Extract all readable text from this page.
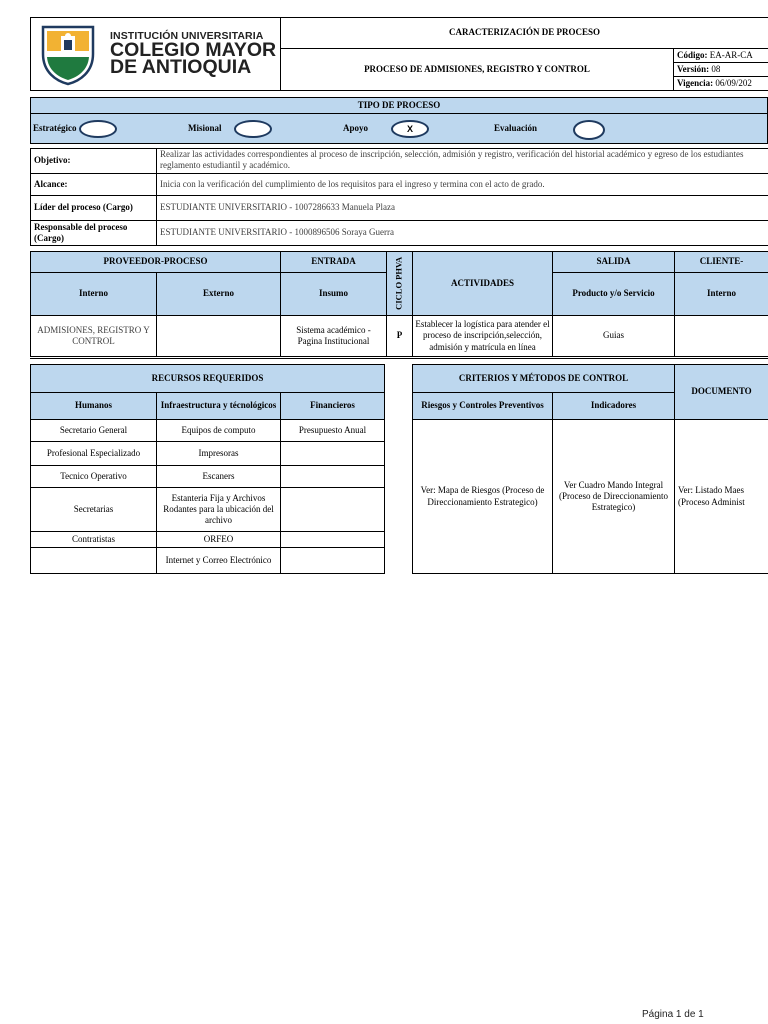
	CARACTERIZACIÓN DE PROCESO	
	PROCESO DE ADMISIONES, REGISTRO Y CONTROL	Código: EA-AR-CA
		Versión: 08
		Vigencia: 06/09/202
INSTITUCIÓN UNIVERSITARIA
COLEGIO MAYOR
DE ANTIOQUIA
TIPO DE PROCESO

Estratégico	Misional	Apoyo	X	Evaluación
Objetivo:	Realizar las actividades correspondientes al proceso de inscripción, selección, admisión y registro, verificación del historial académico y egreso de los estudiantes reglamento estudiantil y académico.
Alcance:	Inicia con la verificación del cumplimiento de los requisitos para el ingreso y termina con el acto de grado.
Líder del proceso (Cargo)	ESTUDIANTE UNIVERSITARIO - 1007286633 Manuela Plaza
Responsable del proceso (Cargo)	ESTUDIANTE UNIVERSITARIO - 1000896506 Soraya Guerra
PROVEEDOR-PROCESO		ENTRADA	CICLO PHVA	ACTIVIDADES	SALIDA	CLIENTE-
Interno	Externo	Insumo			Producto y/o Servicio	Interno
ADMISIONES, REGISTRO Y CONTROL		Sistema académico - Pagina Institucional	P	Establecer la logística para atender el proceso de inscripción,selección, admisión y matrícula en línea	Guias	
RECURSOS REQUERIDOS		
Humanos	Infraestructura y técnológicos	Financieros
Secretario General	Equipos de computo	Presupuesto Anual
Profesional Especializado	Impresoras	
Tecnico Operativo	Escaners	
Secretarias	Estanteria Fija y Archivos Rodantes para la ubicación del archivo	
Contratistas	ORFEO	
	Internet y Correo Electrónico	
CRITERIOS Y MÉTODOS DE CONTROL		DOCUMENTO
Riesgos y Controles Preventivos	Indicadores	
Ver: Mapa de Riesgos (Proceso de Direccionamiento Estrategico)	Ver Cuadro Mando Integral (Proceso de Direccionamiento Estrategico)	Ver: Listado Maes (Proceso Administ
Página 1 de 1
